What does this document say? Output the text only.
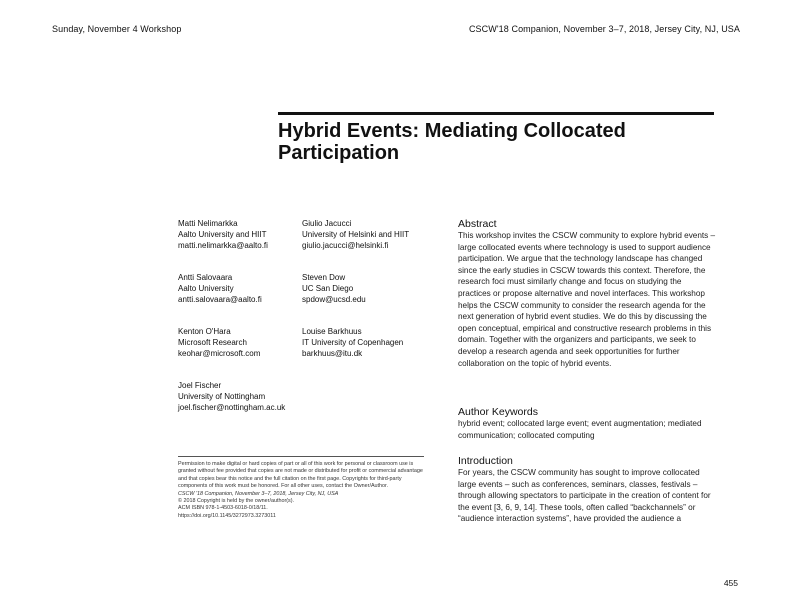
Sunday, November 4 Workshop	CSCW'18 Companion, November 3–7, 2018, Jersey City, NJ, USA
Hybrid Events: Mediating Collocated Participation
Matti Nelimarkka
Aalto University and HIIT
matti.nelimarkka@aalto.fi
Giulio Jacucci
University of Helsinki and HIIT
giulio.jacucci@helsinki.fi
Antti Salovaara
Aalto University
antti.salovaara@aalto.fi
Steven Dow
UC San Diego
spdow@ucsd.edu
Kenton O'Hara
Microsoft Research
keohar@microsoft.com
Louise Barkhuus
IT University of Copenhagen
barkhuus@itu.dk
Joel Fischer
University of Nottingham
joel.fischer@nottingham.ac.uk

Permission to make digital or hard copies of part or all of this work for personal or classroom use is granted without fee provided that copies are not made or distributed for profit or commercial advantage and that copies bear this notice and the full citation on the first page. Copyrights for third-party components of this work must be honored. For all other uses, contact the Owner/Author.

CSCW '18 Companion, November 3–7, 2018, Jersey City, NJ, USA

© 2018 Copyright is held by the owner/author(s).

ACM ISBN 978-1-4503-6018-0/18/11.

https://doi.org/10.1145/3272973.3273011

Abstract

This workshop invites the CSCW community to explore hybrid events – large collocated events where technology is used to support audience participation. We argue that the technology landscape has changed since the early studies in CSCW towards this context. Therefore, the research foci must similarly change and focus on studying the practices or propose alternative and novel interfaces. This workshop helps the CSCW community to consider the research agenda for the next generation of hybrid event studies. We do this by discussing the open conceptual, empirical and constructive research problems in this domain. Together with the organizers and participants, we seek to develop a research agenda and seek opportunities for further collaboration on the topic of hybrid events.

Author Keywords

hybrid event; collocated large event; event augmentation; mediated communication; collocated computing

Introduction

For years, the CSCW community has sought to improve collocated large events – such as conferences, seminars, classes, festivals – through allowing spectators to participate in the creation of content for the event [3, 6, 9, 14]. These tools, often called “backchannels” or “audience interaction systems”, have provided the audience a

455
